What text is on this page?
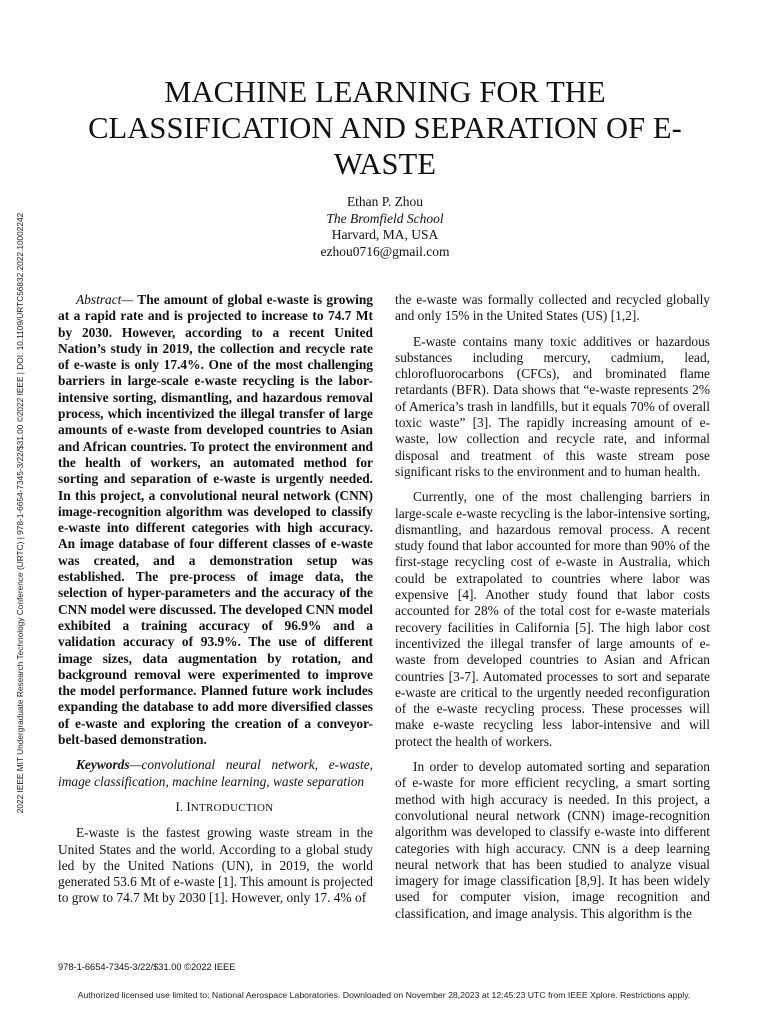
2022 IEEE MIT Undergraduate Research Technology Conference (URTC) | 978-1-6654-7345-3/22/$31.00 ©2022 IEEE | DOI: 10.1109/URTC56832.2022.10002242
MACHINE LEARNING FOR THE
CLASSIFICATION AND SEPARATION OF E-
WASTE
Ethan P. Zhou
The Bromfield School
Harvard, MA, USA
ezhou0716@gmail.com

Abstract— The amount of global e-waste is growing at a rapid rate and is projected to increase to 74.7 Mt by 2030. However, according to a recent United Nation’s study in 2019, the collection and recycle rate of e-waste is only 17.4%. One of the most challenging barriers in large-scale e-waste recycling is the labor-intensive sorting, dismantling, and hazardous removal process, which incentivized the illegal transfer of large amounts of e-waste from developed countries to Asian and African countries. To protect the environment and the health of workers, an automated method for sorting and separation of e-waste is urgently needed. In this project, a convolutional neural network (CNN) image-recognition algorithm was developed to classify e-waste into different categories with high accuracy. An image database of four different classes of e-waste was created, and a demonstration setup was established. The pre-process of image data, the selection of hyper-parameters and the accuracy of the CNN model were discussed. The developed CNN model exhibited a training accuracy of 96.9% and a validation accuracy of 93.9%. The use of different image sizes, data augmentation by rotation, and background removal were experimented to improve the model performance. Planned future work includes expanding the database to add more diversified classes of e-waste and exploring the creation of a conveyor-belt-based demonstration.

Keywords—convolutional neural network, e-waste, image classification, machine learning, waste separation

I. INTRODUCTION

E-waste is the fastest growing waste stream in the United States and the world. According to a global study led by the United Nations (UN), in 2019, the world generated 53.6 Mt of e-waste [1]. This amount is projected to grow to 74.7 Mt by 2030 [1]. However, only 17. 4% of

the e-waste was formally collected and recycled globally and only 15% in the United States (US) [1,2].

E-waste contains many toxic additives or hazardous substances including mercury, cadmium, lead, chlorofluorocarbons (CFCs), and brominated flame retardants (BFR). Data shows that “e-waste represents 2% of America’s trash in landfills, but it equals 70% of overall toxic waste” [3]. The rapidly increasing amount of e-waste, low collection and recycle rate, and informal disposal and treatment of this waste stream pose significant risks to the environment and to human health.

Currently, one of the most challenging barriers in large-scale e-waste recycling is the labor-intensive sorting, dismantling, and hazardous removal process. A recent study found that labor accounted for more than 90% of the first-stage recycling cost of e-waste in Australia, which could be extrapolated to countries where labor was expensive [4]. Another study found that labor costs accounted for 28% of the total cost for e-waste materials recovery facilities in California [5]. The high labor cost incentivized the illegal transfer of large amounts of e-waste from developed countries to Asian and African countries [3-7]. Automated processes to sort and separate e-waste are critical to the urgently needed reconfiguration of the e-waste recycling process. These processes will make e-waste recycling less labor-intensive and will protect the health of workers.

In order to develop automated sorting and separation of e-waste for more efficient recycling, a smart sorting method with high accuracy is needed. In this project, a convolutional neural network (CNN) image-recognition algorithm was developed to classify e-waste into different categories with high accuracy. CNN is a deep learning neural network that has been studied to analyze visual imagery for image classification [8,9]. It has been widely used for computer vision, image recognition and classification, and image analysis. This algorithm is the

978-1-6654-7345-3/22/$31.00 ©2022 IEEE
Authorized licensed use limited to: National Aerospace Laboratories. Downloaded on November 28,2023 at 12:45:23 UTC from IEEE Xplore. Restrictions apply.
